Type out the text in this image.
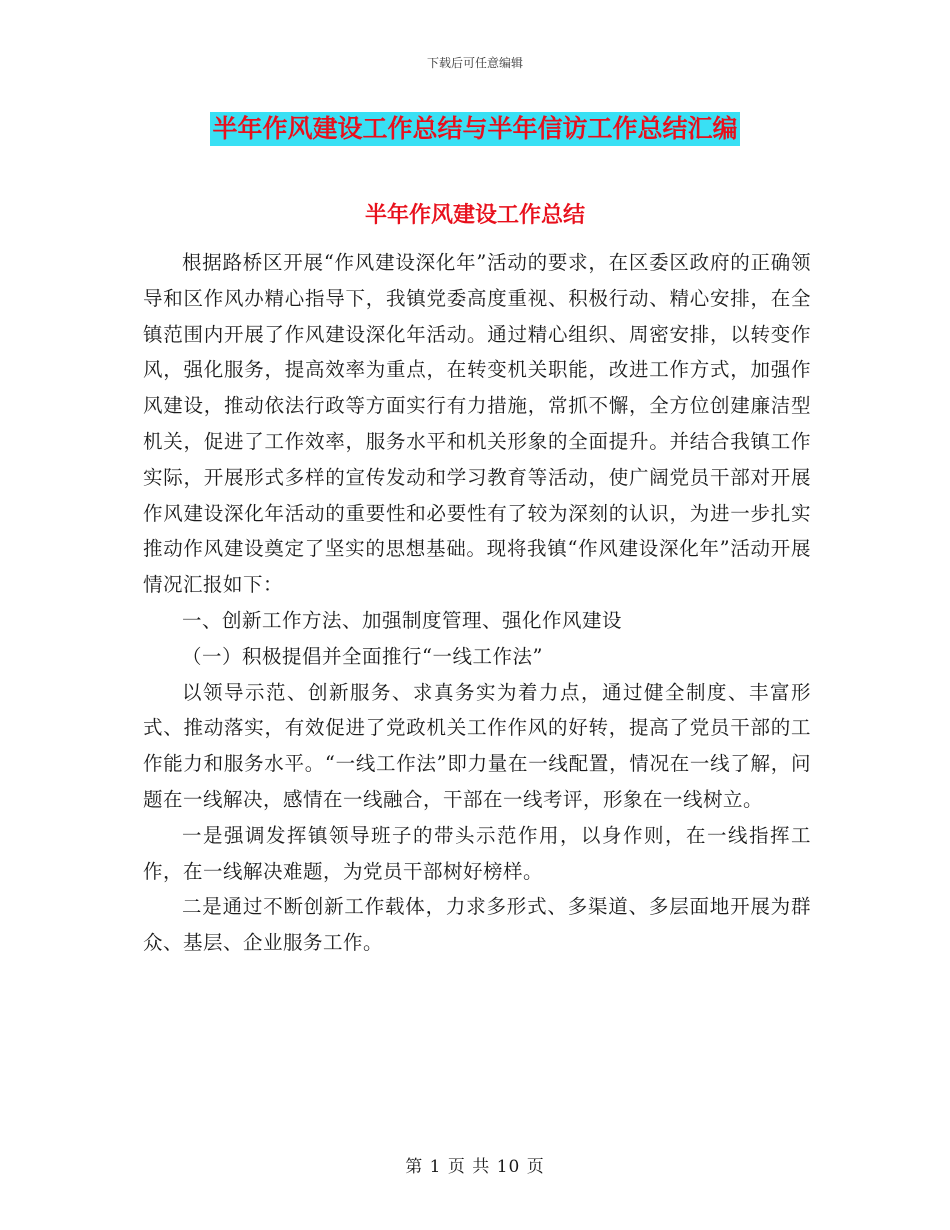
下载后可任意编辑
半年作风建设工作总结与半年信访工作总结汇编
半年作风建设工作总结

根据路桥区开展“作风建设深化年”活动的要求，在区委区政府的正确领导和区作风办精心指导下，我镇党委高度重视、积极行动、精心安排，在全镇范围内开展了作风建设深化年活动。通过精心组织、周密安排，以转变作风，强化服务，提高效率为重点，在转变机关职能，改进工作方式，加强作风建设，推动依法行政等方面实行有力措施，常抓不懈，全方位创建廉洁型机关，促进了工作效率，服务水平和机关形象的全面提升。并结合我镇工作实际，开展形式多样的宣传发动和学习教育等活动，使广阔党员干部对开展作风建设深化年活动的重要性和必要性有了较为深刻的认识，为进一步扎实推动作风建设奠定了坚实的思想基础。现将我镇“作风建设深化年”活动开展情况汇报如下：

一、创新工作方法、加强制度管理、强化作风建设

（一）积极提倡并全面推行“一线工作法”

以领导示范、创新服务、求真务实为着力点，通过健全制度、丰富形式、推动落实，有效促进了党政机关工作作风的好转，提高了党员干部的工作能力和服务水平。“一线工作法”即力量在一线配置，情况在一线了解，问题在一线解决，感情在一线融合，干部在一线考评，形象在一线树立。

一是强调发挥镇领导班子的带头示范作用，以身作则，在一线指挥工作，在一线解决难题，为党员干部树好榜样。

二是通过不断创新工作载体，力求多形式、多渠道、多层面地开展为群众、基层、企业服务工作。

第 1 页 共 10 页
